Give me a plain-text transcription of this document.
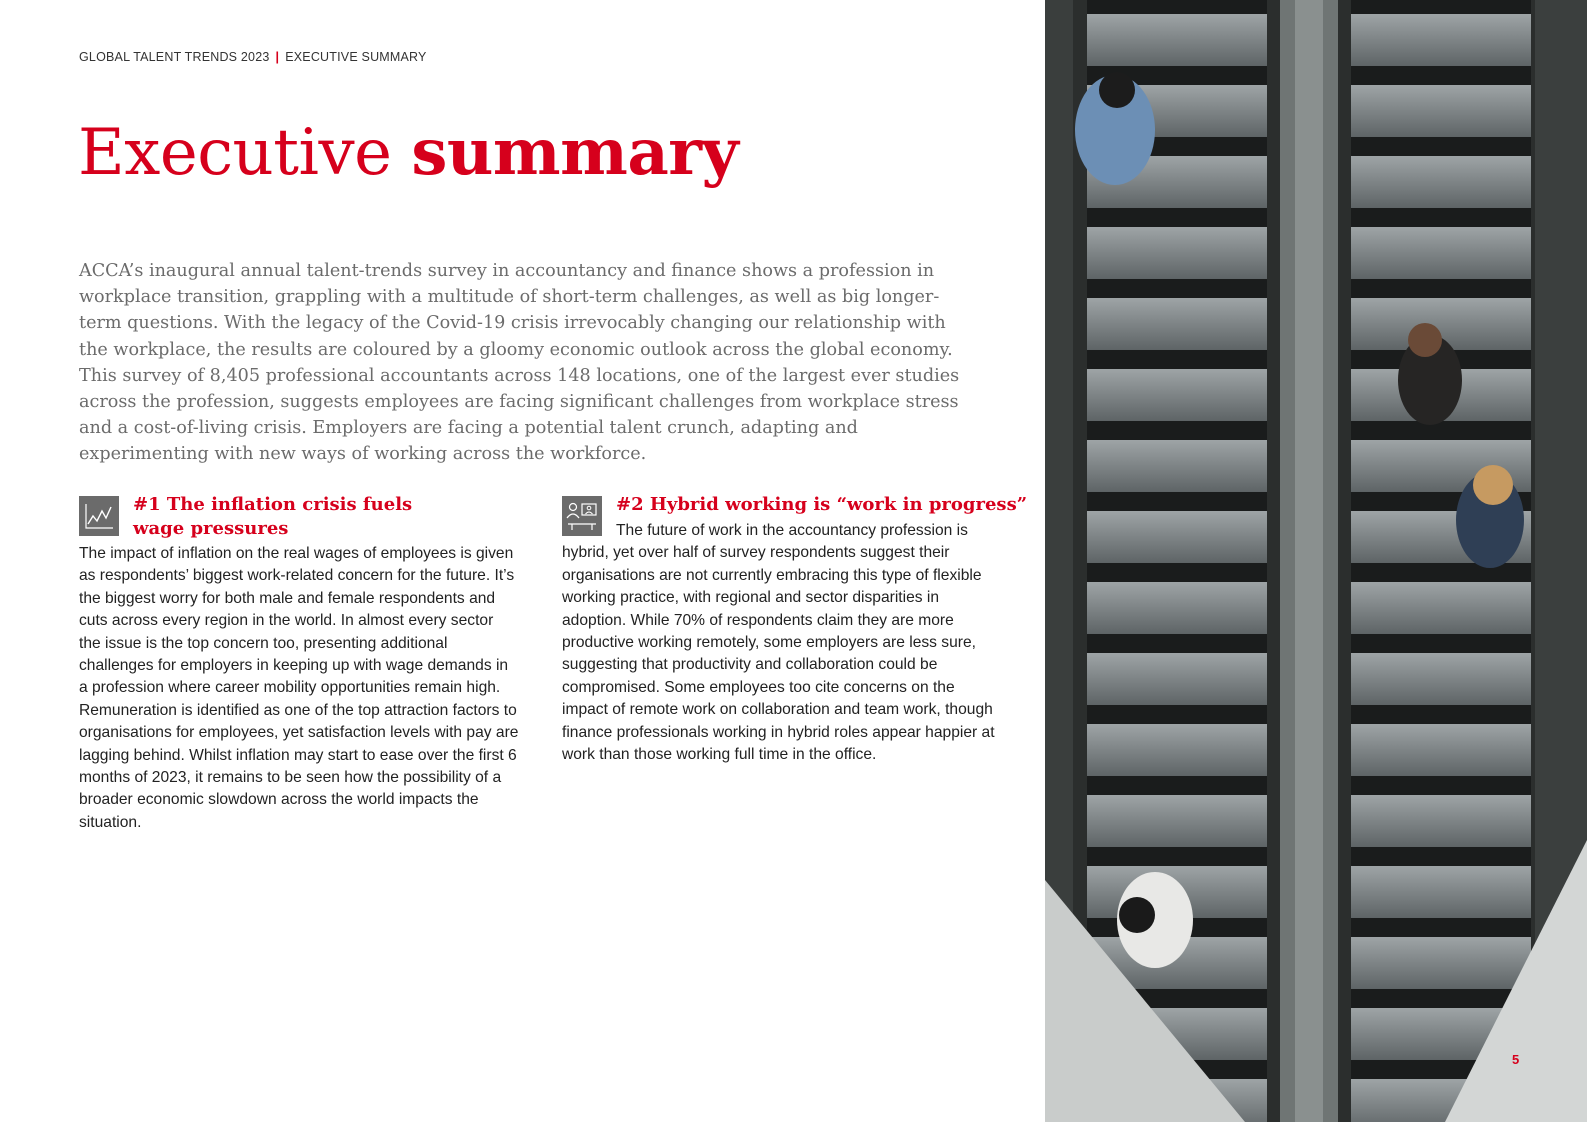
GLOBAL TALENT TRENDS 2023 | EXECUTIVE SUMMARY
Executive summary

ACCA’s inaugural annual talent-trends survey in accountancy and finance shows a profession in workplace transition, grappling with a multitude of short-term challenges, as well as big longer-term questions. With the legacy of the Covid-19 crisis irrevocably changing our relationship with the workplace, the results are coloured by a gloomy economic outlook across the global economy. This survey of 8,405 professional accountants across 148 locations, one of the largest ever studies across the profession, suggests employees are facing significant challenges from workplace stress and a cost-of-living crisis. Employers are facing a potential talent crunch, adapting and experimenting with new ways of working across the workforce.

#1 The inflation crisis fuels wage pressures

The impact of inflation on the real wages of employees is given as respondents’ biggest work-related concern for the future. It’s the biggest worry for both male and female respondents and cuts across every region in the world. In almost every sector the issue is the top concern too, presenting additional challenges for employers in keeping up with wage demands in a profession where career mobility opportunities remain high. Remuneration is identified as one of the top attraction factors to organisations for employees, yet satisfaction levels with pay are lagging behind. Whilst inflation may start to ease over the first 6 months of 2023, it remains to be seen how the possibility of a broader economic slowdown across the world impacts the situation.

#2 Hybrid working is “work in progress”

The future of work in the accountancy profession is hybrid, yet over half of survey respondents suggest their organisations are not currently embracing this type of flexible working practice, with regional and sector disparities in adoption. While 70% of respondents claim they are more productive working remotely, some employers are less sure, suggesting that productivity and collaboration could be compromised. Some employees too cite concerns on the impact of remote work on collaboration and team work, though finance professionals working in hybrid roles appear happier at work than those working full time in the office.

5
